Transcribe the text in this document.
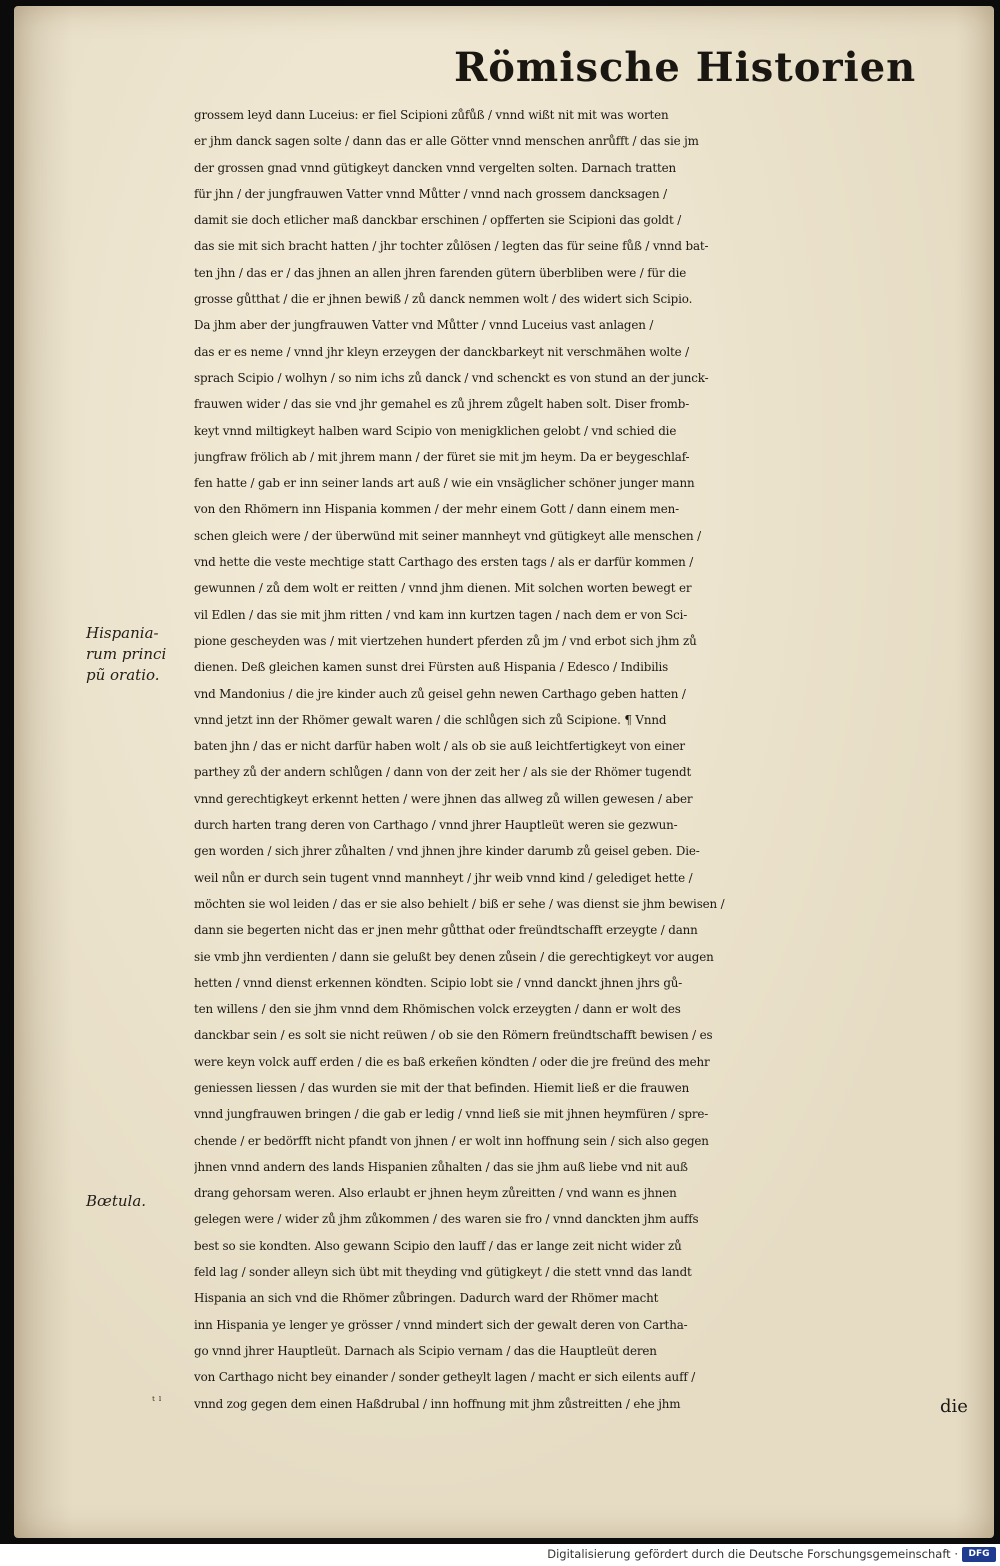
Römische Historien
grossem leyd dann Luceius: er fiel Scipioni zůfůß / vnnd wißt nit mit was worten
er jhm danck sagen solte / dann das er alle Götter vnnd menschen anrůfft / das sie jm
der grossen gnad vnnd gütigkeyt dancken vnnd vergelten solten. Darnach tratten
für jhn / der jungfrauwen Vatter vnnd Můtter / vnnd nach grossem dancksagen /
damit sie doch etlicher maß danckbar erschinen / opfferten sie Scipioni das goldt /
das sie mit sich bracht hatten / jhr tochter zůlösen / legten das für seine fůß / vnnd bat-
ten jhn / das er / das jhnen an allen jhren farenden gütern überbliben were / für die
grosse gůtthat / die er jhnen bewiß / zů danck nemmen wolt / des widert sich Scipio.
Da jhm aber der jungfrauwen Vatter vnd Můtter / vnnd Luceius vast anlagen /
das er es neme / vnnd jhr kleyn erzeygen der danckbarkeyt nit verschmähen wolte /
sprach Scipio / wolhyn / so nim ichs zů danck / vnd schenckt es von stund an der junck-
frauwen wider / das sie vnd jhr gemahel es zů jhrem zůgelt haben solt. Diser fromb-
keyt vnnd miltigkeyt halben ward Scipio von menigklichen gelobt / vnd schied die
jungfraw frölich ab / mit jhrem mann / der füret sie mit jm heym. Da er beygeschlaf-
fen hatte / gab er inn seiner lands art auß / wie ein vnsäglicher schöner junger mann
von den Rhömern inn Hispania kommen / der mehr einem Gott / dann einem men-
schen gleich were / der überwünd mit seiner mannheyt vnd gütigkeyt alle menschen /
vnd hette die veste mechtige statt Carthago des ersten tags / als er darfür kommen /
gewunnen / zů dem wolt er reitten / vnnd jhm dienen. Mit solchen worten bewegt er
vil Edlen / das sie mit jhm ritten / vnd kam inn kurtzen tagen / nach dem er von Sci-
pione gescheyden was / mit viertzehen hundert pferden zů jm / vnd erbot sich jhm zů
dienen. Deß gleichen kamen sunst drei Fürsten auß Hispania / Edesco / Indibilis
vnd Mandonius / die jre kinder auch zů geisel gehn newen Carthago geben hatten /
vnnd jetzt inn der Rhömer gewalt waren / die schlůgen sich zů Scipione. ¶ Vnnd
baten jhn / das er nicht darfür haben wolt / als ob sie auß leichtfertigkeyt von einer
parthey zů der andern schlůgen / dann von der zeit her / als sie der Rhömer tugendt
vnnd gerechtigkeyt erkennt hetten / were jhnen das allweg zů willen gewesen / aber
durch harten trang deren von Carthago / vnnd jhrer Hauptleüt weren sie gezwun-
gen worden / sich jhrer zůhalten / vnd jhnen jhre kinder darumb zů geisel geben. Die-
weil nůn er durch sein tugent vnnd mannheyt / jhr weib vnnd kind / gelediget hette /
möchten sie wol leiden / das er sie also behielt / biß er sehe / was dienst sie jhm bewisen /
dann sie begerten nicht das er jnen mehr gůtthat oder freündtschafft erzeygte / dann
sie vmb jhn verdienten / dann sie gelußt bey denen zůsein / die gerechtigkeyt vor augen
hetten / vnnd dienst erkennen köndten. Scipio lobt sie / vnnd danckt jhnen jhrs gů-
ten willens / den sie jhm vnnd dem Rhömischen volck erzeygten / dann er wolt des
danckbar sein / es solt sie nicht reüwen / ob sie den Römern freündtschafft bewisen / es
were keyn volck auff erden / die es baß erkeñen köndten / oder die jre freünd des mehr
geniessen liessen / das wurden sie mit der that befinden. Hiemit ließ er die frauwen
vnnd jungfrauwen bringen / die gab er ledig / vnnd ließ sie mit jhnen heymfüren / spre-
chende / er bedörfft nicht pfandt von jhnen / er wolt inn hoffnung sein / sich also gegen
jhnen vnnd andern des lands Hispanien zůhalten / das sie jhm auß liebe vnd nit auß
drang gehorsam weren. Also erlaubt er jhnen heym zůreitten / vnd wann es jhnen
gelegen were / wider zů jhm zůkommen / des waren sie fro / vnnd danckten jhm auffs
best so sie kondten. Also gewann Scipio den lauff / das er lange zeit nicht wider zů
feld lag / sonder alleyn sich übt mit theyding vnd gütigkeyt / die stett vnnd das landt
Hispania an sich vnd die Rhömer zůbringen. Dadurch ward der Rhömer macht
inn Hispania ye lenger ye grösser / vnnd mindert sich der gewalt deren von Cartha-
go vnnd jhrer Hauptleüt. Darnach als Scipio vernam / das die Hauptleüt deren
von Carthago nicht bey einander / sonder getheylt lagen / macht er sich eilents auff /
vnnd zog gegen dem einen Haßdrubal / inn hoffnung mit jhm zůstreitten / ehe jhm
Hispania-
rum princi
pũ oratio.
Bœtula.
ᵗ ˡ	die
Digitalisierung gefördert durch die Deutsche Forschungsgemeinschaft ·	DFG
